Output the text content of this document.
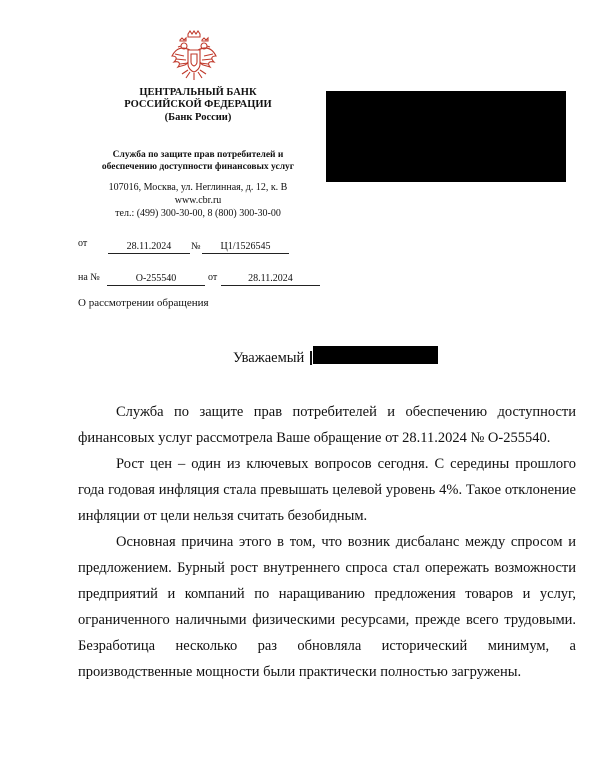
ЦЕНТРАЛЬНЫЙ БАНК
РОССИЙСКОЙ ФЕДЕРАЦИИ
(Банк России)
Служба по защите прав потребителей и
обеспечению доступности финансовых услуг
107016, Москва, ул. Неглинная, д. 12, к. В
www.cbr.ru
тел.: (499) 300-30-00, 8 (800) 300-30-00
от	28.11.2024	№	Ц1/1526545
на №	О-255540	от	28.11.2024
О рассмотрении обращения
Уважаемый

Служба по защите прав потребителей и обеспечению доступности финансовых услуг рассмотрела Ваше обращение от 28.11.2024 № О-255540.

Рост цен – один из ключевых вопросов сегодня. С середины прошлого года годовая инфляция стала превышать целевой уровень 4%. Такое отклонение инфляции от цели нельзя считать безобидным.

Основная причина этого в том, что возник дисбаланс между спросом и предложением. Бурный рост внутреннего спроса стал опережать возможности предприятий и компаний по наращиванию предложения товаров и услуг, ограниченного наличными физическими ресурсами, прежде всего трудовыми. Безработица несколько раз обновляла исторический минимум, а производственные мощности были практически полностью загружены.
